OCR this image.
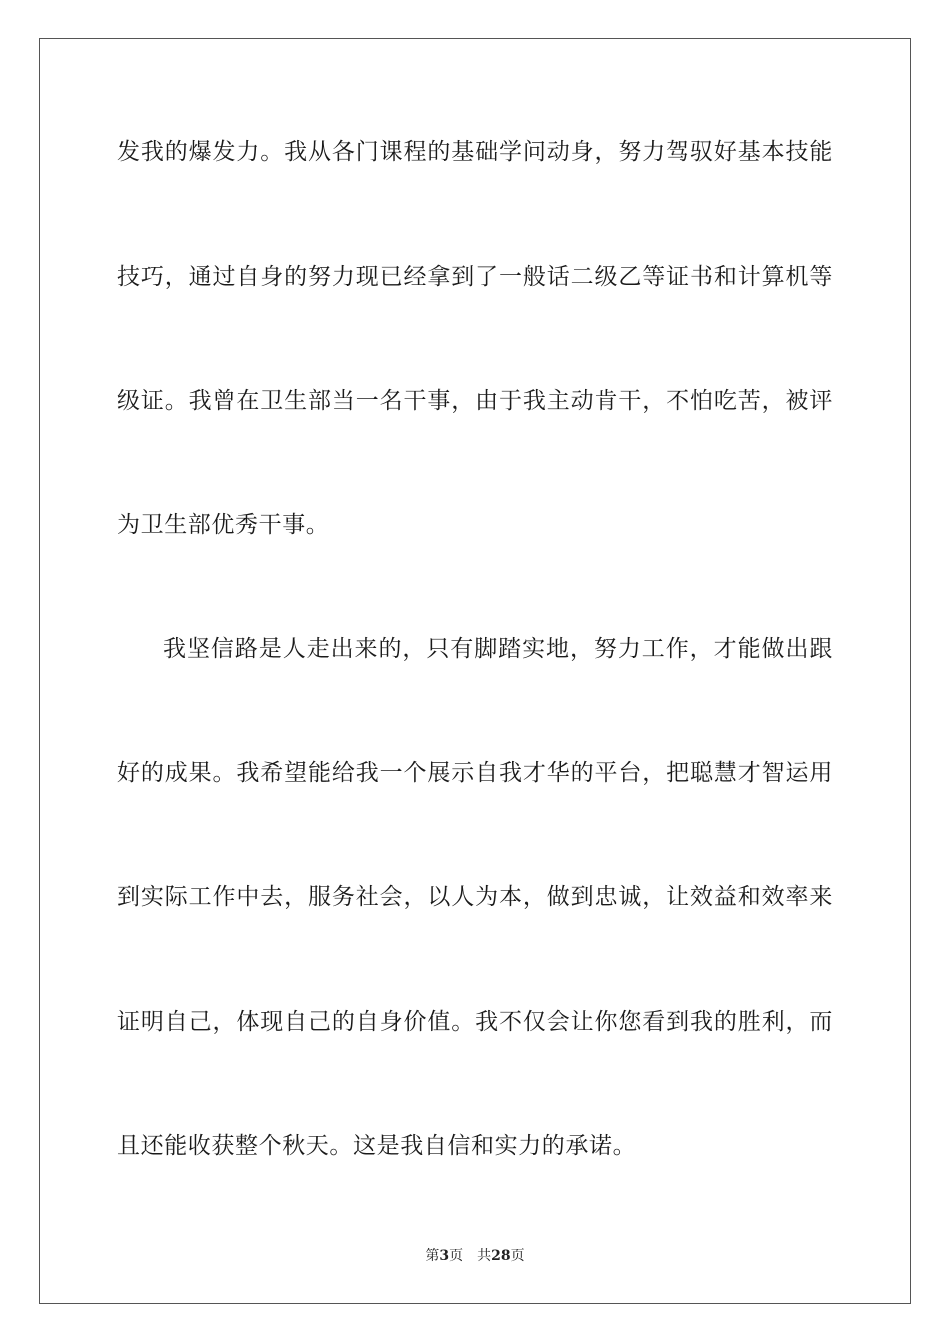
发我的爆发力。我从各门课程的基础学问动身，努力驾驭好基本技能
技巧，通过自身的努力现已经拿到了一般话二级乙等证书和计算机等
级证。我曾在卫生部当一名干事，由于我主动肯干，不怕吃苦，被评
为卫生部优秀干事。
我坚信路是人走出来的，只有脚踏实地，努力工作，才能做出跟
好的成果。我希望能给我一个展示自我才华的平台，把聪慧才智运用
到实际工作中去，服务社会，以人为本，做到忠诚，让效益和效率来
证明自己，体现自己的自身价值。我不仅会让你您看到我的胜利，而
且还能收获整个秋天。这是我自信和实力的承诺。
第3页 共28页
